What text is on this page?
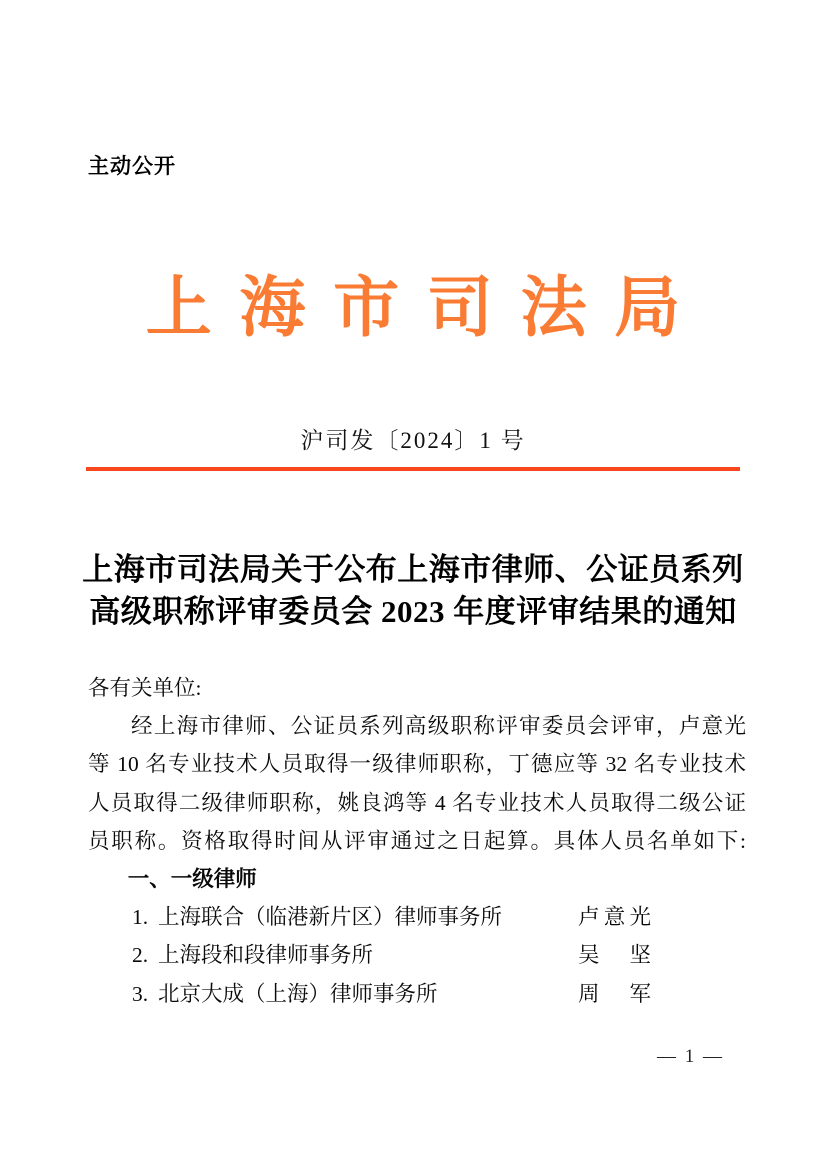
主动公开
上海市司法局
沪司发〔2024〕1 号
上海市司法局关于公布上海市律师、公证员系列
高级职称评审委员会 2023 年度评审结果的通知
各有关单位:
经上海市律师、公证员系列高级职称评审委员会评审，卢意光
等 10 名专业技术人员取得一级律师职称，丁德应等 32 名专业技术
人员取得二级律师职称，姚良鸿等 4 名专业技术人员取得二级公证
员职称。资格取得时间从评审通过之日起算。具体人员名单如下:
一、一级律师
1. 上海联合（临港新片区）律师事务所	卢意光
2. 上海段和段律师事务所	吴坚
3. 北京大成（上海）律师事务所	周军
— 1 —
